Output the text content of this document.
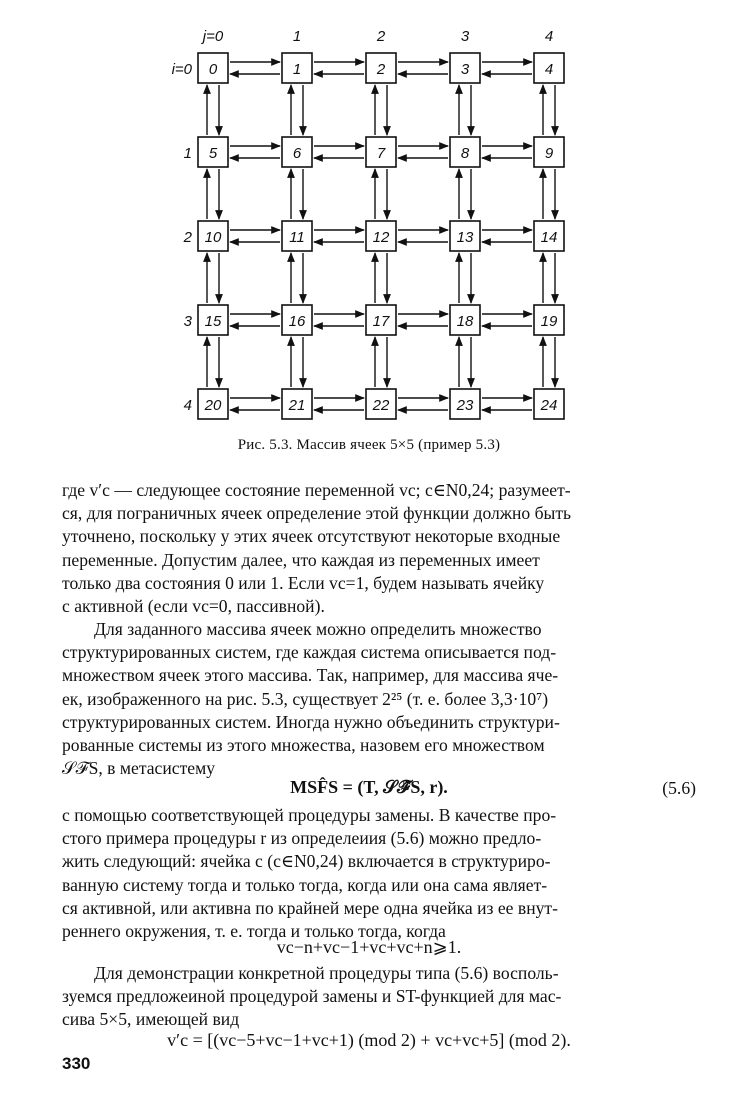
0	1	2	3	4
5	6	7	8	9
10	11	12	13	14
15	16	17	18	19
20	21	22	23	24
j=0	1	2	3	4
i=0
1
2
3
4
Рис. 5.3. Массив ячеек 5×5 (пример 5.3)

где v′c — следующее состояние переменной vc; c∈N0,24; разумеет-

ся, для пограничных ячеек определение этой функции должно быть

уточнено, поскольку у этих ячеек отсутствуют некоторые входные

переменные. Допустим далее, что каждая из переменных имеет

только два состояния 0 или 1. Если vc=1, будем называть ячейку

с активной (если vc=0, пассивной).

Для заданного массива ячеек можно определить множество

структурированных систем, где каждая система описывается под-

множеством ячеек этого массива. Так, например, для массива яче-

ек, изображенного на рис. 5.3, существует 2²⁵ (т. е. более 3,3·10⁷)

структурированных систем. Иногда нужно объединить структури-

рованные системы из этого множества, назовем его множеством

𝒮ℱS, в метасистему

MSF̂S = (T, 𝒮ℱ̂S, r).	(5.6)

с помощью соответствующей процедуры замены. В качестве про-

стого примера процедуры r из определеиия (5.6) можно предло-

жить следующий: ячейка c (c∈N0,24) включается в структуриро-

ванную систему тогда и только тогда, когда или она сама являет-

ся активной, или активна по крайней мере одна ячейка из ее внут-

реннего окружения, т. е. тогда и только тогда, когда

vc−n+vc−1+vc+vc+n⩾1.

Для демонстрации конкретной процедуры типа (5.6) восполь-

зуемся предложеиной процедурой замены и ST-функцией для мас-

сива 5×5, имеющей вид

v′c = [(vc−5+vc−1+vc+1) (mod 2) + vc+vc+5] (mod 2).
330
